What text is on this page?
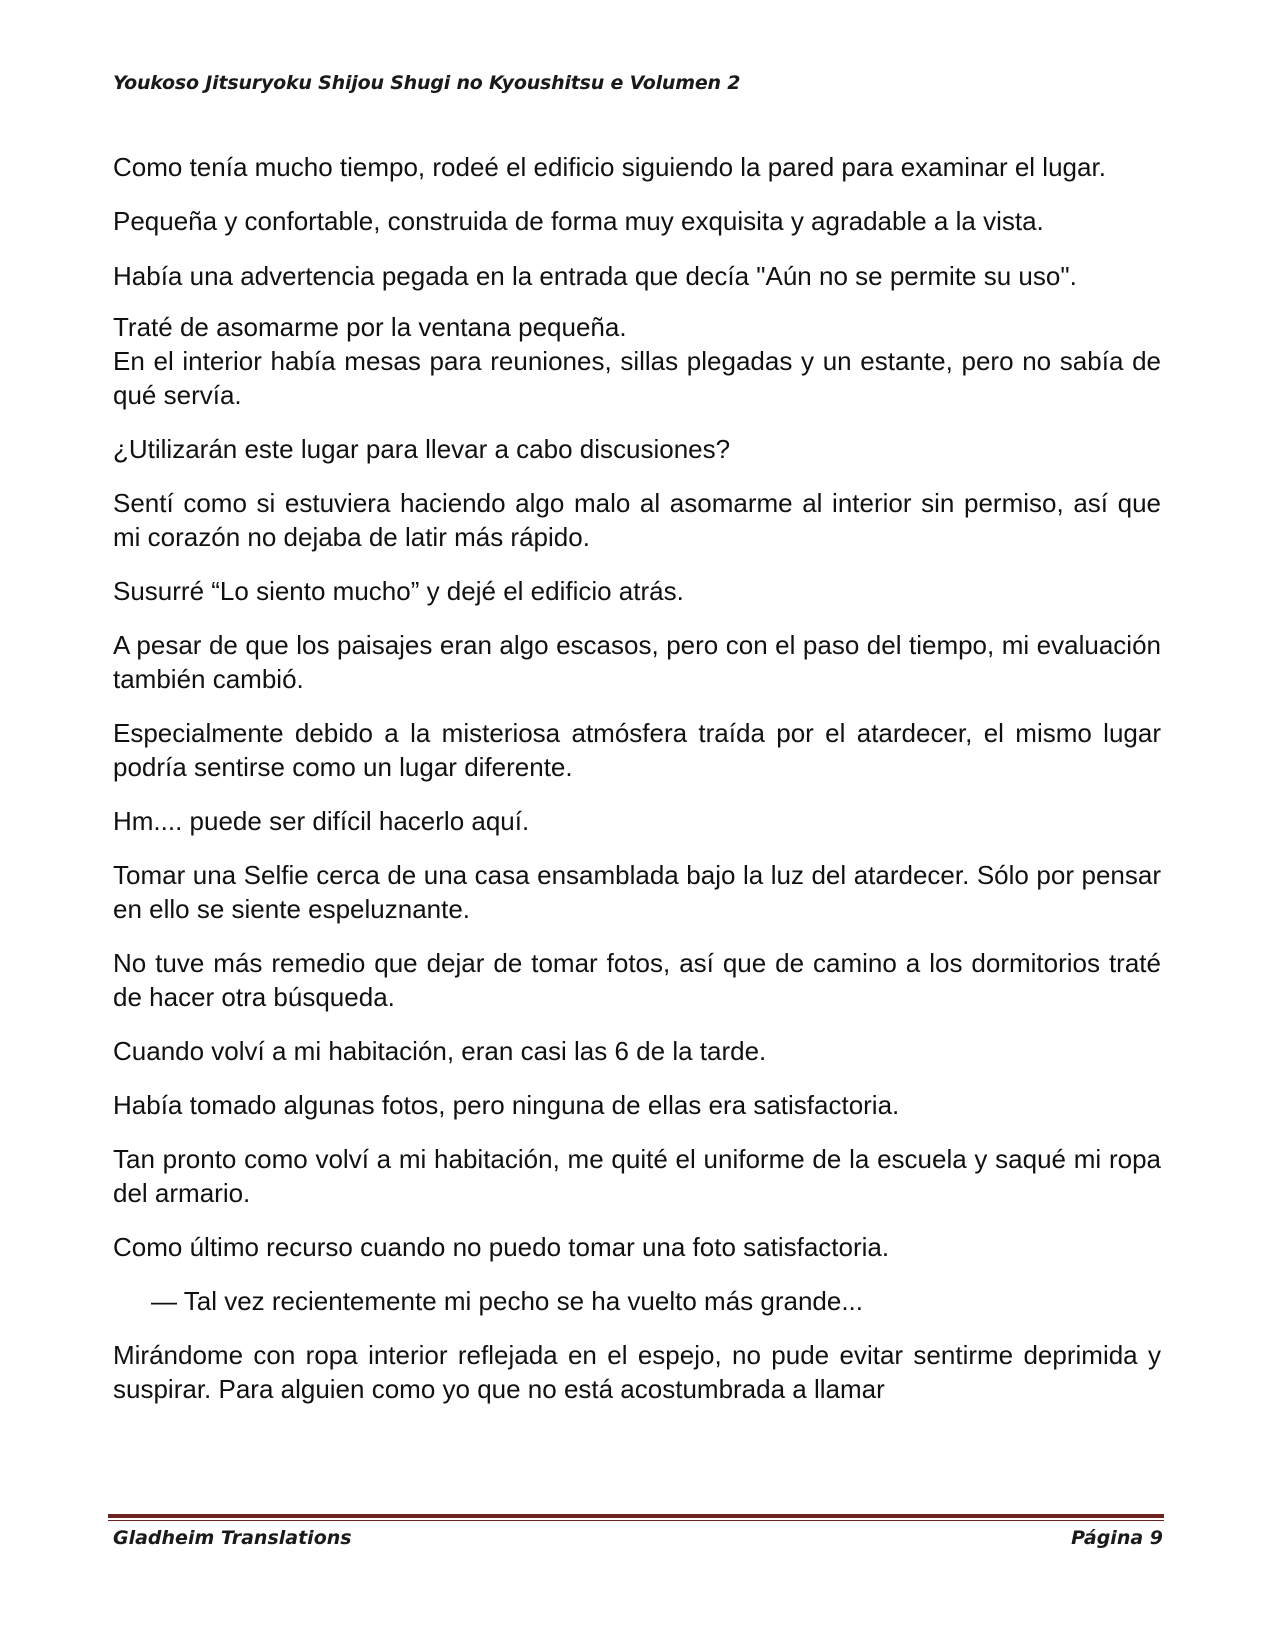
Youkoso Jitsuryoku Shijou Shugi no Kyoushitsu e Volumen 2

Como tenía mucho tiempo, rodeé el edificio siguiendo la pared para examinar el lugar.

Pequeña y confortable, construida de forma muy exquisita y agradable a la vista.

Había una advertencia pegada en la entrada que decía "Aún no se permite su uso".

Traté de asomarme por la ventana pequeña.

En el interior había mesas para reuniones, sillas plegadas y un estante, pero no sabía de qué servía.

¿Utilizarán este lugar para llevar a cabo discusiones?

Sentí como si estuviera haciendo algo malo al asomarme al interior sin permiso, así que mi corazón no dejaba de latir más rápido.

Susurré “Lo siento mucho” y dejé el edificio atrás.

A pesar de que los paisajes eran algo escasos, pero con el paso del tiempo, mi evaluación también cambió.

Especialmente debido a la misteriosa atmósfera traída por el atardecer, el mismo lugar podría sentirse como un lugar diferente.

Hm.... puede ser difícil hacerlo aquí.

Tomar una Selfie cerca de una casa ensamblada bajo la luz del atardecer. Sólo por pensar en ello se siente espeluznante.

No tuve más remedio que dejar de tomar fotos, así que de camino a los dormitorios traté de hacer otra búsqueda.

Cuando volví a mi habitación, eran casi las 6 de la tarde.

Había tomado algunas fotos, pero ninguna de ellas era satisfactoria.

Tan pronto como volví a mi habitación, me quité el uniforme de la escuela y saqué mi ropa del armario.

Como último recurso cuando no puedo tomar una foto satisfactoria.

— Tal vez recientemente mi pecho se ha vuelto más grande...

Mirándome con ropa interior reflejada en el espejo, no pude evitar sentirme deprimida y suspirar. Para alguien como yo que no está acostumbrada a llamar

Gladheim Translations	Página 9
